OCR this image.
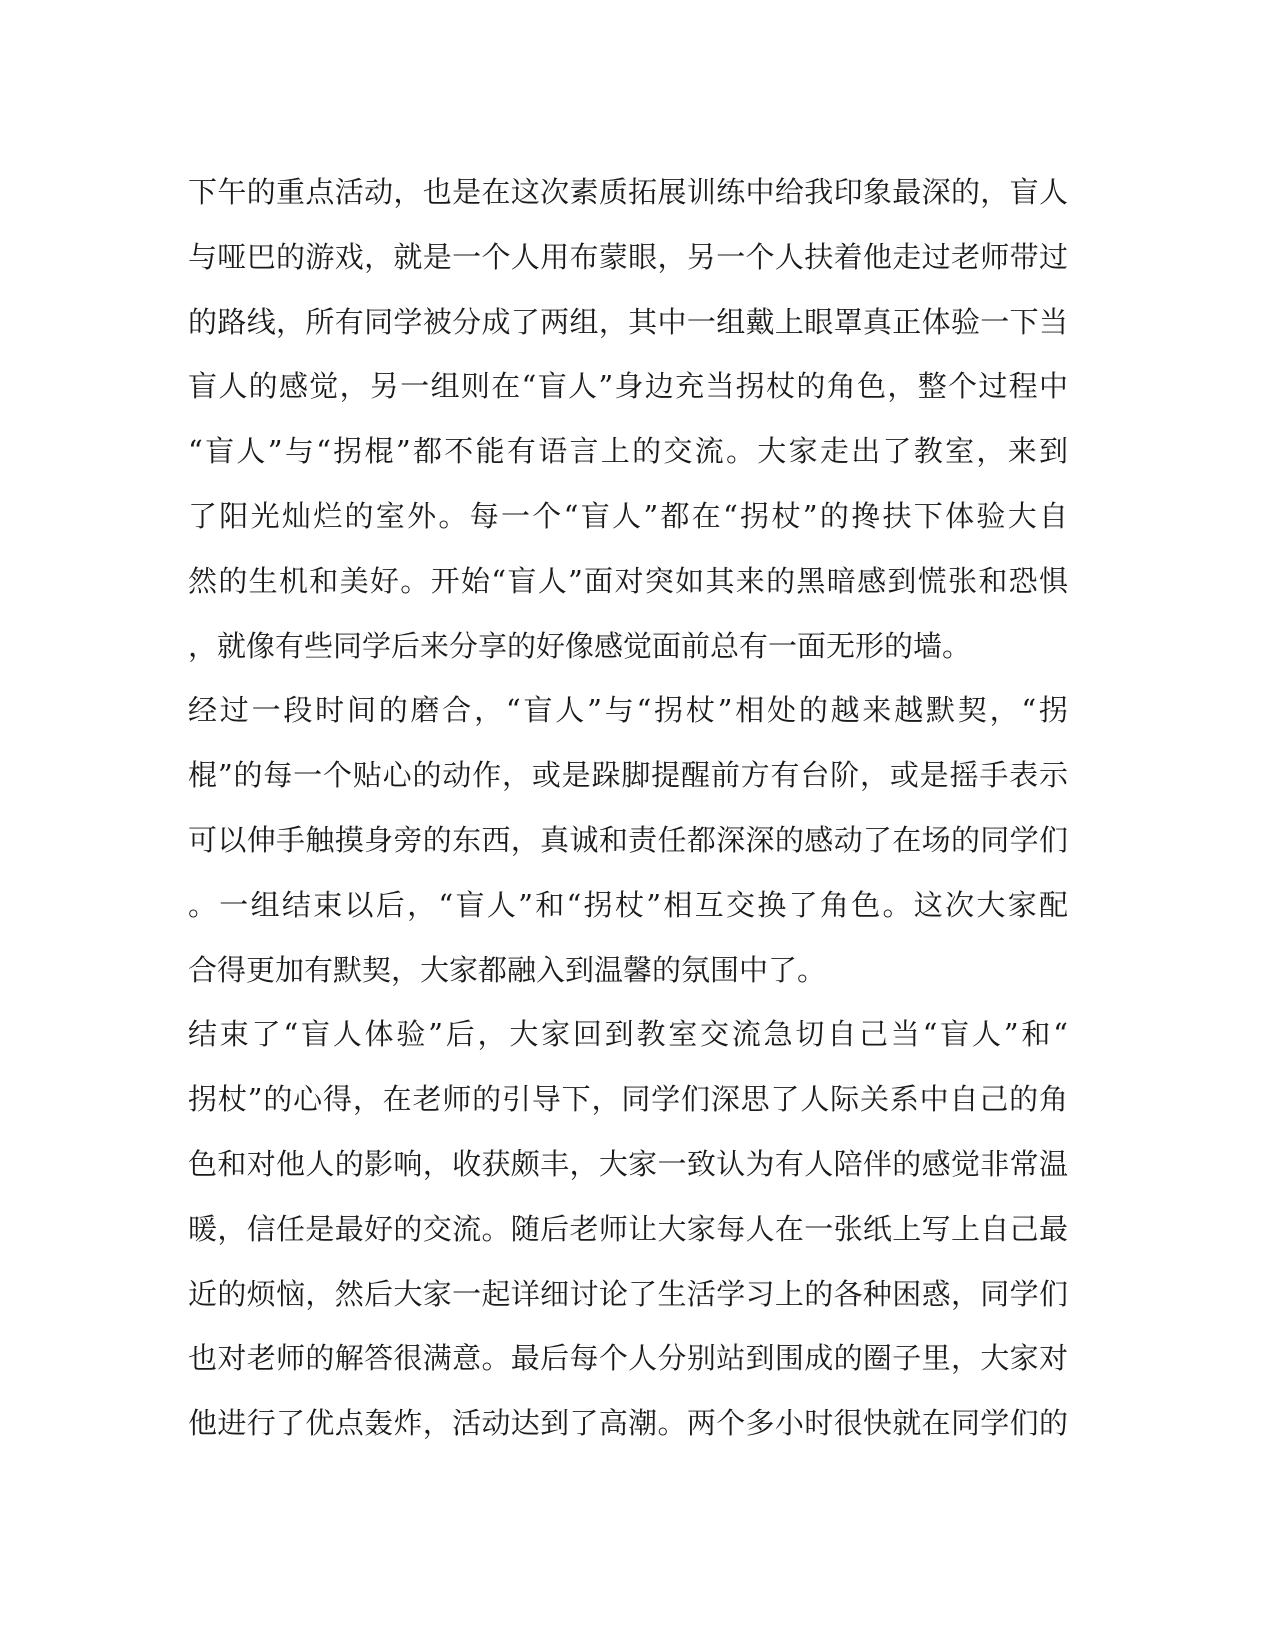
下午的重点活动，也是在这次素质拓展训练中给我印象最深的，盲人
与哑巴的游戏，就是一个人用布蒙眼，另一个人扶着他走过老师带过
的路线，所有同学被分成了两组，其中一组戴上眼罩真正体验一下当
盲人的感觉，另一组则在“盲人”身边充当拐杖的角色，整个过程中
“盲人”与“拐棍”都不能有语言上的交流。大家走出了教室，来到
了阳光灿烂的室外。每一个“盲人”都在“拐杖”的搀扶下体验大自
然的生机和美好。开始“盲人”面对突如其来的黑暗感到慌张和恐惧
，就像有些同学后来分享的好像感觉面前总有一面无形的墙。
经过一段时间的磨合，“盲人”与“拐杖”相处的越来越默契，“拐
棍”的每一个贴心的动作，或是跺脚提醒前方有台阶，或是摇手表示
可以伸手触摸身旁的东西，真诚和责任都深深的感动了在场的同学们
。一组结束以后，“盲人”和“拐杖”相互交换了角色。这次大家配
合得更加有默契，大家都融入到温馨的氛围中了。
结束了“盲人体验”后，大家回到教室交流急切自己当“盲人”和“
拐杖”的心得，在老师的引导下，同学们深思了人际关系中自己的角
色和对他人的影响，收获颇丰，大家一致认为有人陪伴的感觉非常温
暖，信任是最好的交流。随后老师让大家每人在一张纸上写上自己最
近的烦恼，然后大家一起详细讨论了生活学习上的各种困惑，同学们
也对老师的解答很满意。最后每个人分别站到围成的圈子里，大家对
他进行了优点轰炸，活动达到了高潮。两个多小时很快就在同学们的
